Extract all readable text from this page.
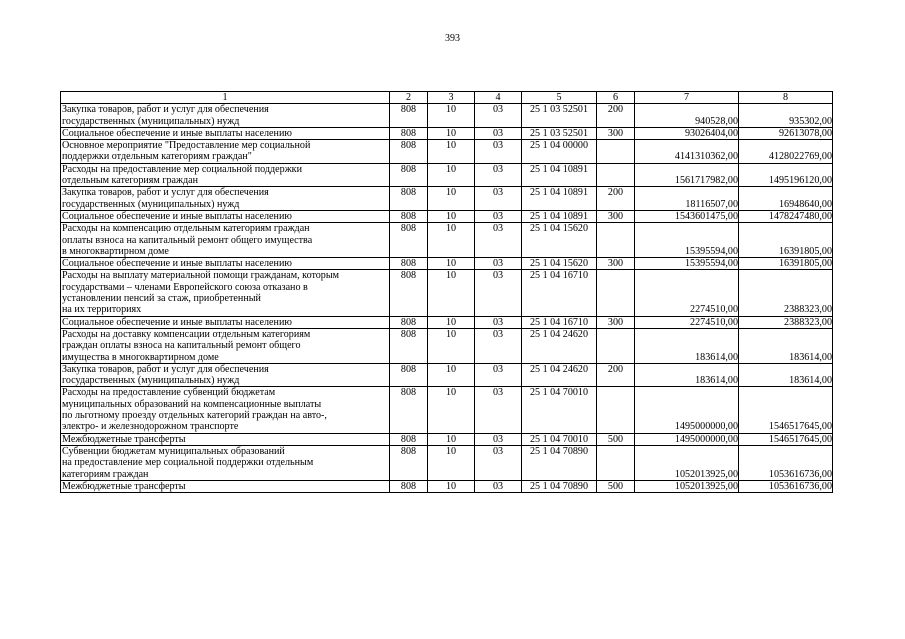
393
1	2	3	4	5	6	7	8

Закупка товаров, работ и услуг для обеспечения
государственных (муниципальных) нужд	808	10	03	25 1 03 52501	200	940528,00	935302,00

Социальное обеспечение и иные выплаты населению	808	10	03	25 1 03 52501	300	93026404,00	92613078,00

Основное мероприятие "Предоставление мер социальной
поддержки отдельным категориям граждан"	808	10	03	25 1 04 00000		4141310362,00	4128022769,00

Расходы на предоставление мер социальной поддержки
отдельным категориям граждан	808	10	03	25 1 04 10891		1561717982,00	1495196120,00

Закупка товаров, работ и услуг для обеспечения
государственных (муниципальных) нужд	808	10	03	25 1 04 10891	200	18116507,00	16948640,00

Социальное обеспечение и иные выплаты населению	808	10	03	25 1 04 10891	300	1543601475,00	1478247480,00

Расходы на компенсацию отдельным категориям граждан
оплаты взноса на капитальный ремонт общего имущества
в многоквартирном доме	808	10	03	25 1 04 15620		15395594,00	16391805,00

Социальное обеспечение и иные выплаты населению	808	10	03	25 1 04 15620	300	15395594,00	16391805,00

Расходы на выплату материальной помощи гражданам, которым
государствами – членами Европейского союза отказано в
установлении пенсий за стаж, приобретенный
на их территориях	808	10	03	25 1 04 16710		2274510,00	2388323,00

Социальное обеспечение и иные выплаты населению	808	10	03	25 1 04 16710	300	2274510,00	2388323,00

Расходы на доставку компенсации отдельным категориям
граждан оплаты взноса на капитальный ремонт общего
имущества в многоквартирном доме	808	10	03	25 1 04 24620		183614,00	183614,00

Закупка товаров, работ и услуг для обеспечения
государственных (муниципальных) нужд	808	10	03	25 1 04 24620	200	183614,00	183614,00

Расходы на предоставление субвенций бюджетам
муниципальных образований на компенсационные выплаты
по льготному проезду отдельных категорий граждан на авто-,
электро- и железнодорожном транспорте	808	10	03	25 1 04 70010		1495000000,00	1546517645,00

Межбюджетные трансферты	808	10	03	25 1 04 70010	500	1495000000,00	1546517645,00

Субвенции бюджетам муниципальных образований
на предоставление мер социальной поддержки отдельным
категориям граждан	808	10	03	25 1 04 70890		1052013925,00	1053616736,00

Межбюджетные трансферты	808	10	03	25 1 04 70890	500	1052013925,00	1053616736,00
